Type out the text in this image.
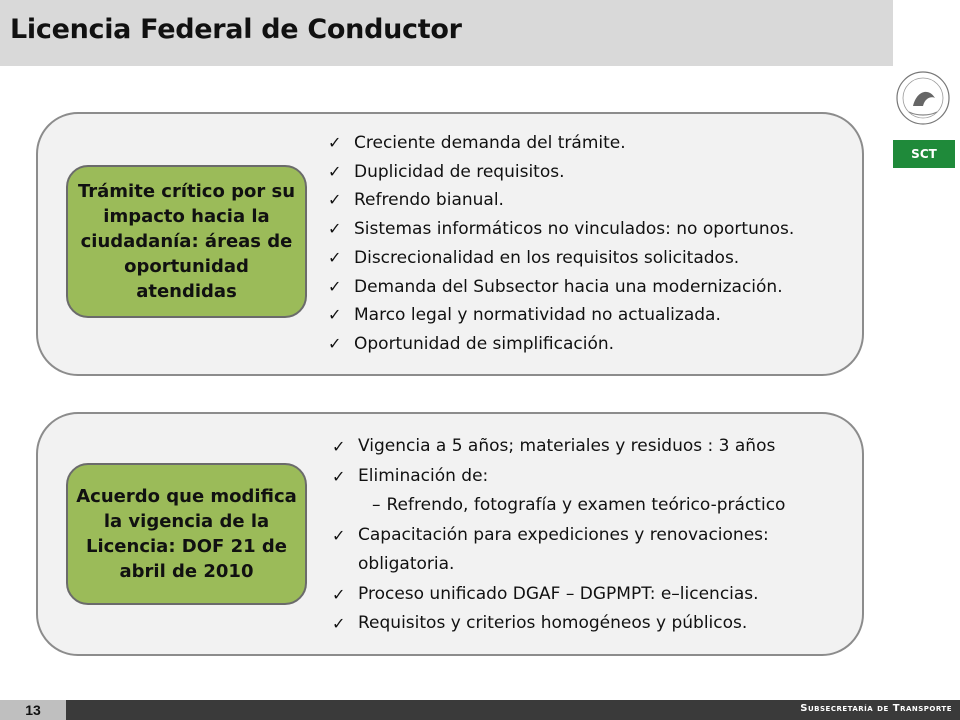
Licencia Federal de Conductor
SCT
Trámite crítico por su impacto hacia la ciudadanía: áreas de oportunidad atendidas
✓ Creciente demanda del trámite.
✓ Duplicidad de requisitos.
✓ Refrendo bianual.
✓ Sistemas informáticos no vinculados: no oportunos.
✓ Discrecionalidad en los requisitos solicitados.
✓ Demanda del Subsector hacia una modernización.
✓ Marco legal y normatividad no actualizada.
✓ Oportunidad de simplificación.
Acuerdo que modifica la vigencia de la Licencia: DOF 21 de abril de 2010
✓ Vigencia a 5 años; materiales y residuos : 3 años
✓ Eliminación de:
– Refrendo, fotografía y examen teórico-práctico
✓ Capacitación para expediciones y renovaciones: obligatoria.
✓ Proceso unificado DGAF – DGPMPT: e–licencias.
✓ Requisitos y criterios homogéneos y públicos.
13	Subsecretaría de Transporte
